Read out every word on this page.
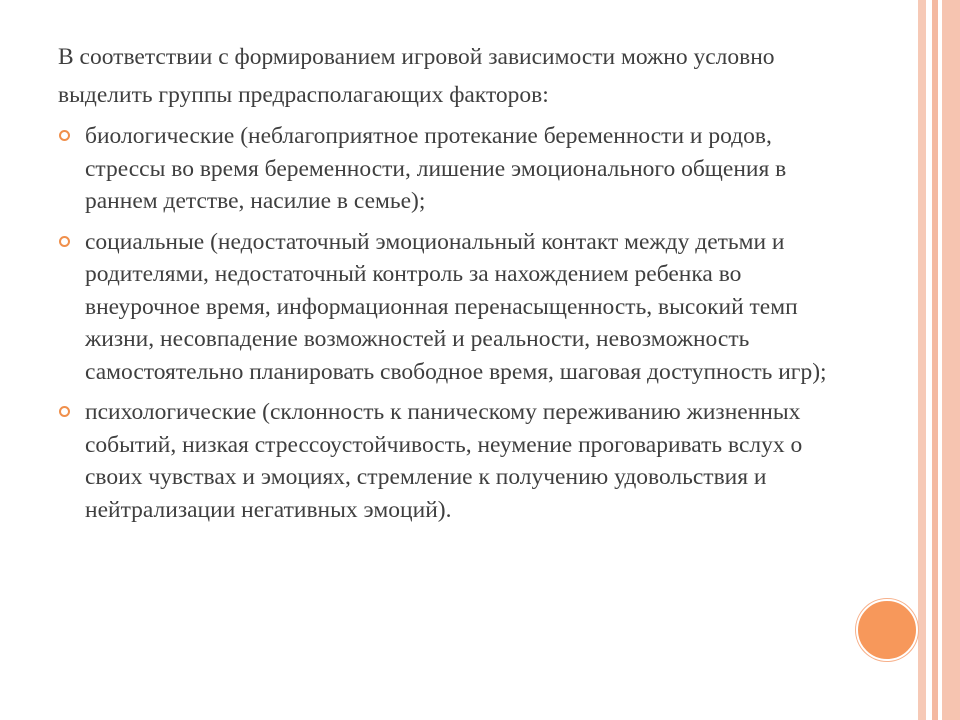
В соответствии с формированием игровой зависимости можно условно выделить группы предрасполагающих факторов:

биологические (неблагоприятное протекание беременности и родов, стрессы во время беременности, лишение эмоционального общения в раннем детстве, насилие в семье);
социальные (недостаточный эмоциональный контакт между детьми и родителями, недостаточный контроль за нахождением ребенка во внеурочное время, информационная перенасыщенность, высокий темп жизни, несовпадение возможностей и реальности, невозможность самостоятельно планировать свободное время, шаговая доступность игр);
психологические (склонность к паническому переживанию жизненных событий, низкая стрессоустойчивость, неумение проговаривать вслух о своих чувствах и эмоциях, стремление к получению удовольствия и нейтрализации негативных эмоций).
